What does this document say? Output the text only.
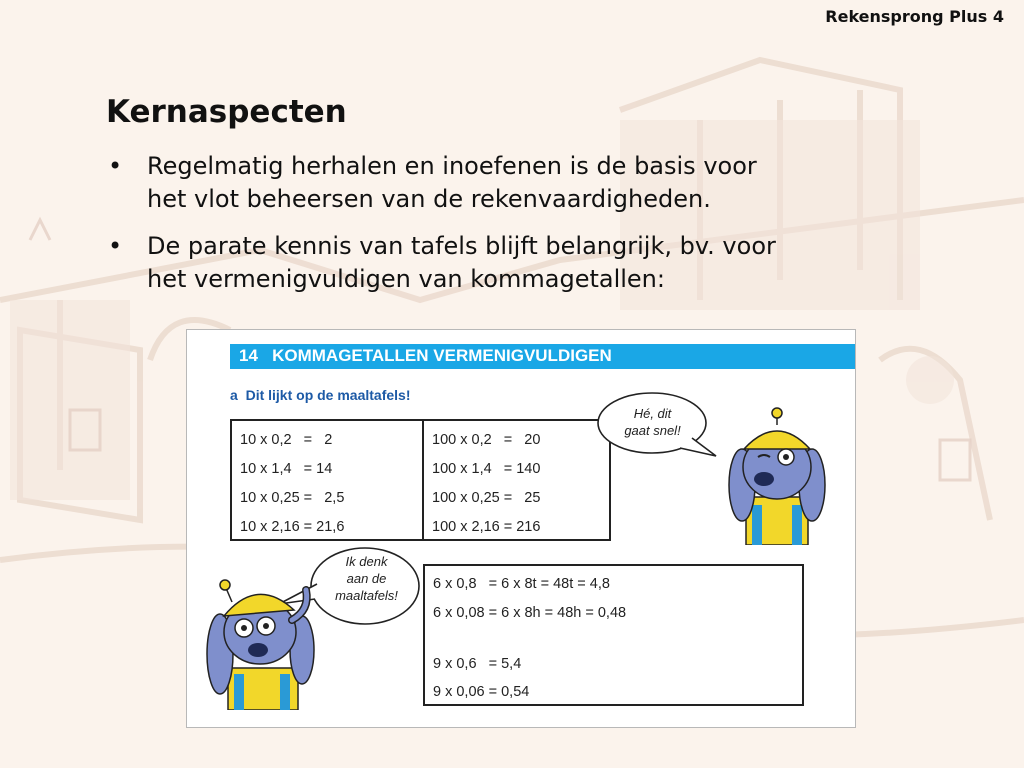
Rekensprong Plus 4
Kernaspecten
• Regelmatig herhalen en inoefenen is de basis voor
het vlot beheersen van de rekenvaardigheden.
• De parate kennis van tafels blijft belangrijk, bv. voor
het vermenigvuldigen van kommagetallen:
14 KOMMAGETALLEN VERMENIGVULDIGEN
a Dit lijkt op de maaltafels!
10 x 0,2   =   2
10 x 1,4   = 14
10 x 0,25 =   2,5
10 x 2,16 = 21,6
100 x 0,2   =   20
100 x 1,4   = 140
100 x 0,25 =   25
100 x 2,16 = 216
6 x 0,8   = 6 x 8t = 48t = 4,8
6 x 0,08 = 6 x 8h = 48h = 0,48
9 x 0,6   = 5,4
9 x 0,06 = 0,54
Hé, dit
gaat snel!
Ik denk
aan de
maaltafels!
